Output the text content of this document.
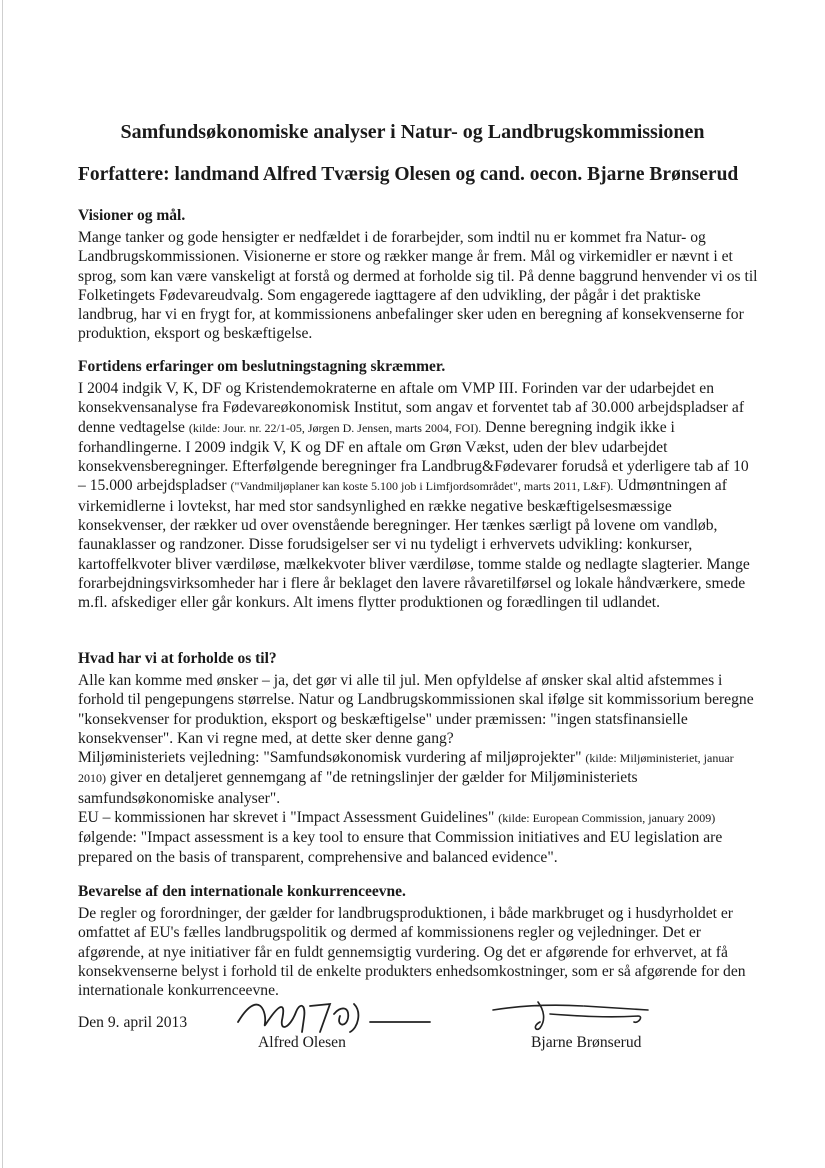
Samfundsøkonomiske analyser i Natur- og Landbrugskommissionen
Forfattere: landmand Alfred Tværsig Olesen og cand. oecon. Bjarne Brønserud
Visioner og mål.

Mange tanker og gode hensigter er nedfældet i de forarbejder, som indtil nu er kommet fra Natur- og Landbrugskommissionen. Visionerne er store og rækker mange år frem. Mål og virkemidler er nævnt i et sprog, som kan være vanskeligt at forstå og dermed at forholde sig til. På denne baggrund henvender vi os til Folketingets Fødevareudvalg. Som engagerede iagttagere af den udvikling, der pågår i det praktiske landbrug, har vi en frygt for, at kommissionens anbefalinger sker uden en beregning af konsekvenserne for produktion, eksport og beskæftigelse.

Fortidens erfaringer om beslutningstagning skræmmer.

I 2004 indgik V, K, DF og Kristendemokraterne en aftale om VMP III. Forinden var der udarbejdet en konsekvensanalyse fra Fødevareøkonomisk Institut, som angav et forventet tab af 30.000 arbejdspladser af denne vedtagelse (kilde: Jour. nr. 22/1-05, Jørgen D. Jensen, marts 2004, FOI). Denne beregning indgik ikke i forhandlingerne. I 2009 indgik V, K og DF en aftale om Grøn Vækst, uden der blev udarbejdet konsekvensberegninger. Efterfølgende beregninger fra Landbrug&Fødevarer forudså et yderligere tab af 10 – 15.000 arbejdspladser ("Vandmiljøplaner kan koste 5.100 job i Limfjordsområdet", marts 2011, L&F). Udmøntningen af virkemidlerne i lovtekst, har med stor sandsynlighed en række negative beskæftigelsesmæssige konsekvenser, der rækker ud over ovenstående beregninger. Her tænkes særligt på lovene om vandløb, faunaklasser og randzoner. Disse forudsigelser ser vi nu tydeligt i erhvervets udvikling: konkurser, kartoffelkvoter bliver værdiløse, mælkekvoter bliver værdiløse, tomme stalde og nedlagte slagterier. Mange forarbejdningsvirksomheder har i flere år beklaget den lavere råvaretilførsel og lokale håndværkere, smede m.fl. afskediger eller går konkurs. Alt imens flytter produktionen og forædlingen til udlandet.

Hvad har vi at forholde os til?

Alle kan komme med ønsker – ja, det gør vi alle til jul. Men opfyldelse af ønsker skal altid afstemmes i forhold til pengepungens størrelse. Natur og Landbrugskommissionen skal ifølge sit kommissorium beregne "konsekvenser for produktion, eksport og beskæftigelse" under præmissen: "ingen statsfinansielle konsekvenser". Kan vi regne med, at dette sker denne gang?
Miljøministeriets vejledning: "Samfundsøkonomisk vurdering af miljøprojekter" (kilde: Miljøministeriet, januar 2010) giver en detaljeret gennemgang af "de retningslinjer der gælder for Miljøministeriets samfundsøkonomiske analyser".
EU – kommissionen har skrevet i "Impact Assessment Guidelines" (kilde: European Commission, january 2009) følgende: "Impact assessment is a key tool to ensure that Commission initiatives and EU legislation are prepared on the basis of transparent, comprehensive and balanced evidence".

Bevarelse af den internationale konkurrenceevne.

De regler og forordninger, der gælder for landbrugsproduktionen, i både markbruget og i husdyrholdet er omfattet af EU's fælles landbrugspolitik og dermed af kommissionens regler og vejledninger. Det er afgørende, at nye initiativer får en fuldt gennemsigtig vurdering. Og det er afgørende for erhvervet, at få konsekvenserne belyst i forhold til de enkelte produkters enhedsomkostninger, som er så afgørende for den internationale konkurrenceevne.

Den 9. april 2013
Alfred Olesen	Bjarne Brønserud
